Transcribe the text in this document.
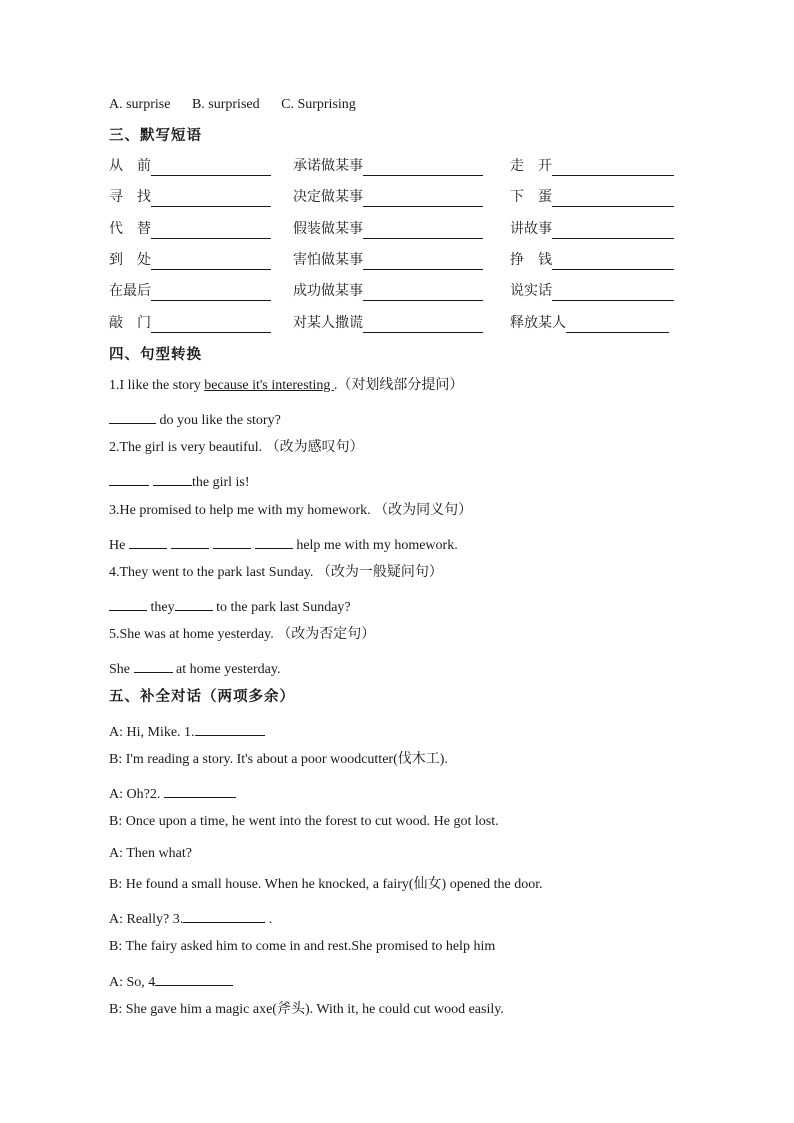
A. surprise B. surprised C. Surprising
三、默写短语
从　前	承诺做某事	走　开
寻　找	决定做某事	下　蛋
代　替	假装做某事	讲故事
到　处	害怕做某事	挣　钱
在最后	成功做某事	说实话
敲　门	对某人撒谎	释放某人
四、句型转换
1.I like the story because it's interesting .（对划线部分提问）
do you like the story?
2.The girl is very beautiful. （改为感叹句）
the girl is!
3.He promised to help me with my homework. （改为同义句）
He	help me with my homework.
4.They went to the park last Sunday. （改为一般疑问句）
they	to the park last Sunday?
5.She was at home yesterday. （改为否定句）
She	at home yesterday.
五、补全对话（两项多余）
A: Hi, Mike. 1.
B: I'm reading a story. It's about a poor woodcutter(伐木工).
A: Oh?2.
B: Once upon a time, he went into the forest to cut wood. He got lost.
A: Then what?
B: He found a small house. When he knocked, a fairy(仙女) opened the door.
A: Really? 3.	.
B: The fairy asked him to come in and rest.She promised to help him
A: So, 4
B: She gave him a magic axe(斧头). With it, he could cut wood easily.
